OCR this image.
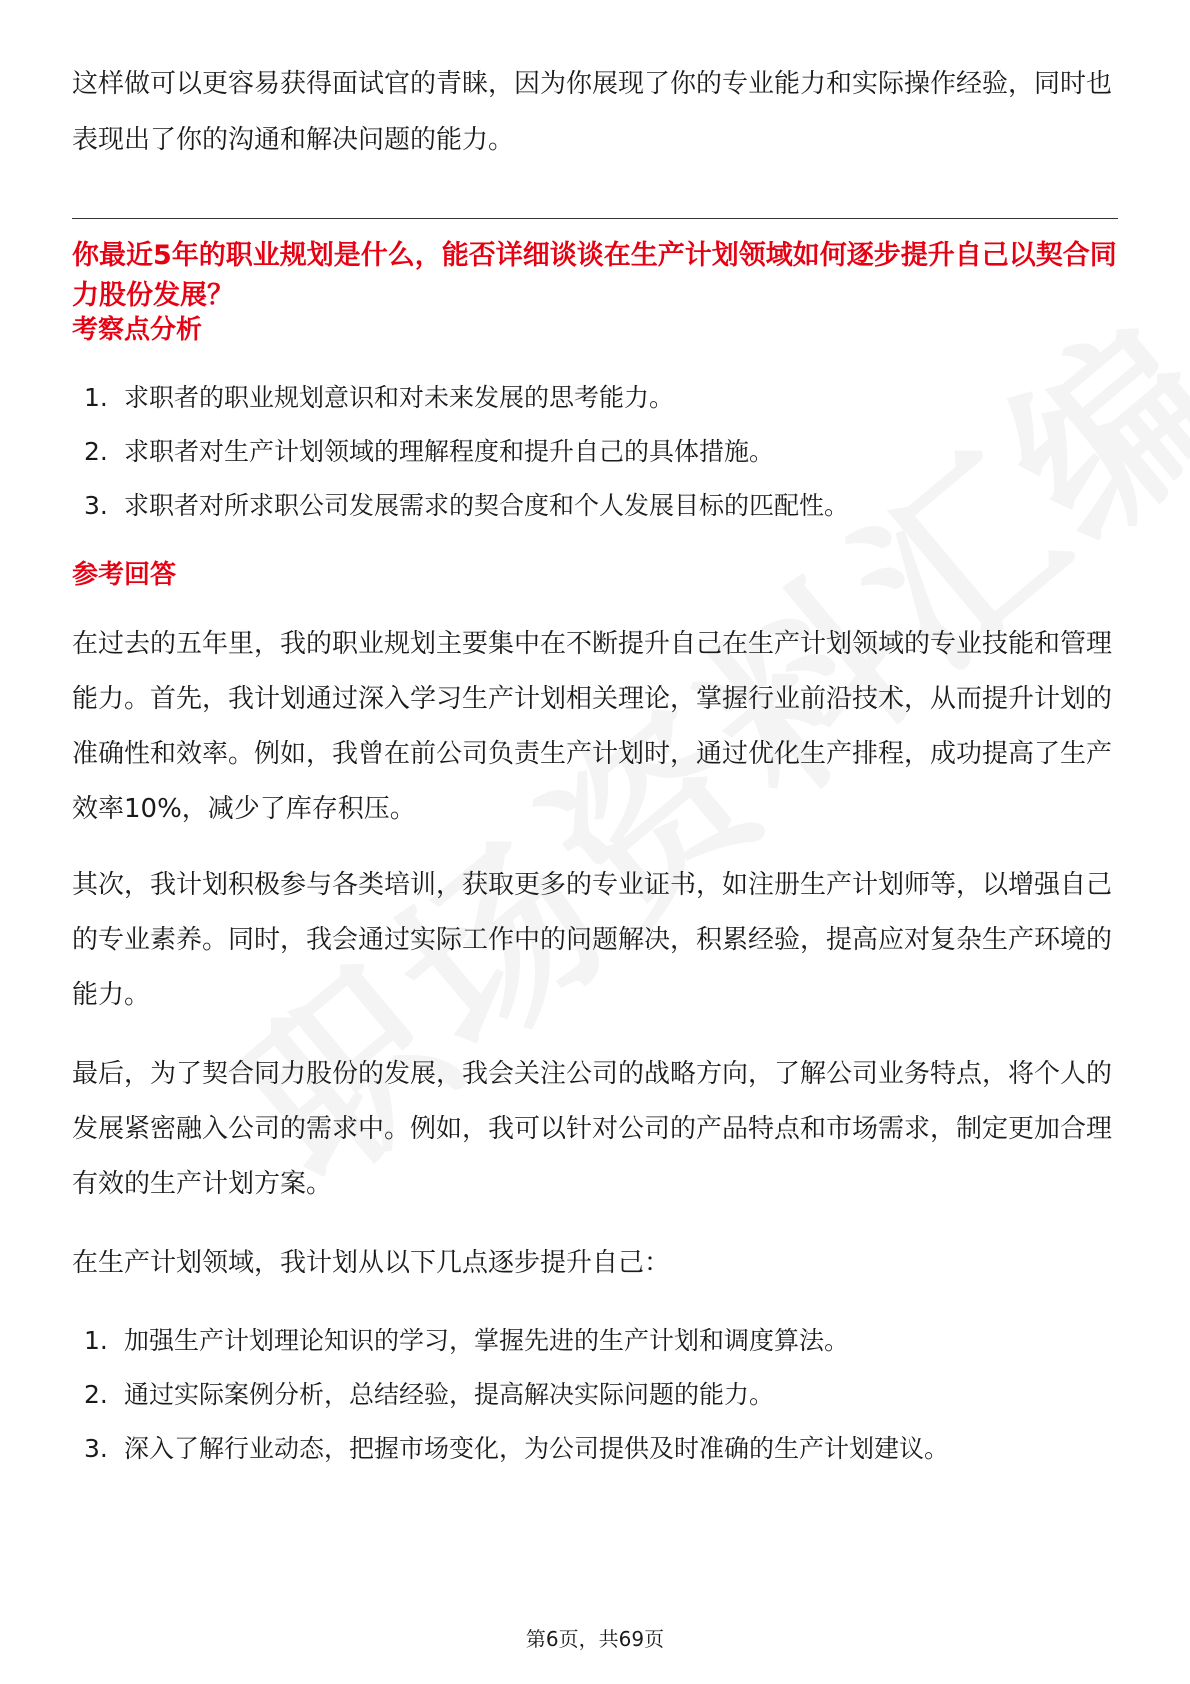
这样做可以更容易获得面试官的青睐，因为你展现了你的专业能力和实际操作经验，同时也表现出了你的沟通和解决问题的能力。

你最近5年的职业规划是什么，能否详细谈谈在生产计划领域如何逐步提升自己以契合同力股份发展？
考察点分析
1. 求职者的职业规划意识和对未来发展的思考能力。
2. 求职者对生产计划领域的理解程度和提升自己的具体措施。
3. 求职者对所求职公司发展需求的契合度和个人发展目标的匹配性。
参考回答

在过去的五年里，我的职业规划主要集中在不断提升自己在生产计划领域的专业技能和管理能力。首先，我计划通过深入学习生产计划相关理论，掌握行业前沿技术，从而提升计划的准确性和效率。例如，我曾在前公司负责生产计划时，通过优化生产排程，成功提高了生产效率10%，减少了库存积压。

其次，我计划积极参与各类培训，获取更多的专业证书，如注册生产计划师等，以增强自己的专业素养。同时，我会通过实际工作中的问题解决，积累经验，提高应对复杂生产环境的能力。

最后，为了契合同力股份的发展，我会关注公司的战略方向，了解公司业务特点，将个人的发展紧密融入公司的需求中。例如，我可以针对公司的产品特点和市场需求，制定更加合理有效的生产计划方案。

在生产计划领域，我计划从以下几点逐步提升自己：

1. 加强生产计划理论知识的学习，掌握先进的生产计划和调度算法。
2. 通过实际案例分析，总结经验，提高解决实际问题的能力。
3. 深入了解行业动态，把握市场变化，为公司提供及时准确的生产计划建议。
第6页，共69页
